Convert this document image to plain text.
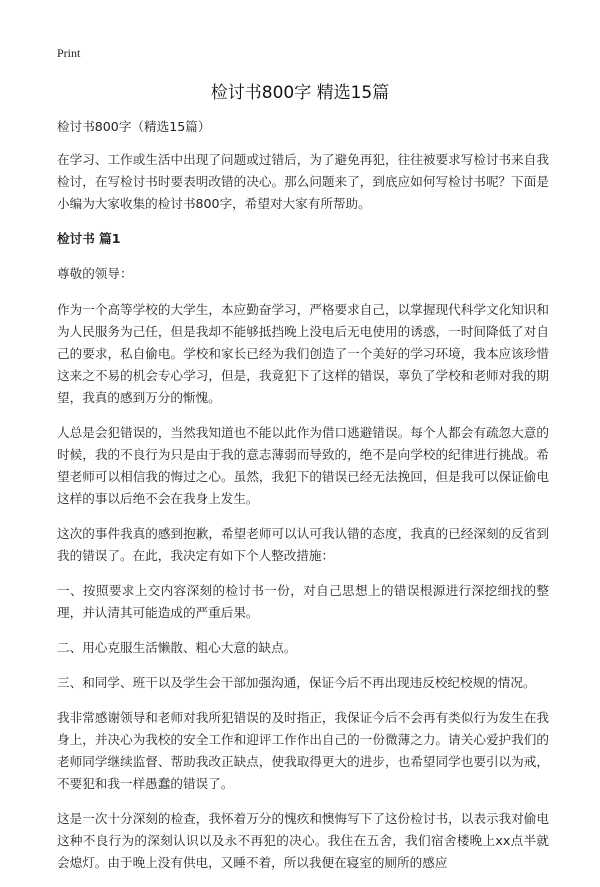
Print
检讨书800字 精选15篇

检讨书800字（精选15篇）

在学习、工作或生活中出现了问题或过错后，为了避免再犯，往往被要求写检讨书来自我检讨，在写检讨书时要表明改错的决心。那么问题来了，到底应如何写检讨书呢？下面是小编为大家收集的检讨书800字，希望对大家有所帮助。

检讨书 篇1

尊敬的领导：

作为一个高等学校的大学生，本应勤奋学习，严格要求自己，以掌握现代科学文化知识和为人民服务为己任，但是我却不能够抵挡晚上没电后无电使用的诱惑，一时间降低了对自己的要求，私自偷电。学校和家长已经为我们创造了一个美好的学习环境，我本应该珍惜这来之不易的机会专心学习，但是，我竟犯下了这样的错误，辜负了学校和老师对我的期望，我真的感到万分的惭愧。

人总是会犯错误的，当然我知道也不能以此作为借口逃避错误。每个人都会有疏忽大意的时候，我的不良行为只是由于我的意志薄弱而导致的，绝不是向学校的纪律进行挑战。希望老师可以相信我的悔过之心。虽然，我犯下的错误已经无法挽回，但是我可以保证偷电这样的事以后绝不会在我身上发生。

这次的事件我真的感到抱歉，希望老师可以认可我认错的态度，我真的已经深刻的反省到我的错误了。在此，我决定有如下个人整改措施：

一、按照要求上交内容深刻的检讨书一份，对自己思想上的错误根源进行深挖细找的整理，并认清其可能造成的严重后果。

二、用心克服生活懒散、粗心大意的缺点。

三、和同学、班干以及学生会干部加强沟通，保证今后不再出现违反校纪校规的情况。

我非常感谢领导和老师对我所犯错误的及时指正，我保证今后不会再有类似行为发生在我身上，并决心为我校的安全工作和迎评工作作出自己的一份微薄之力。请关心爱护我们的老师同学继续监督、帮助我改正缺点，使我取得更大的进步，也希望同学也要引以为戒，不要犯和我一样愚蠢的错误了。

这是一次十分深刻的检查，我怀着万分的愧疚和懊悔写下了这份检讨书，以表示我对偷电这种不良行为的深刻认识以及永不再犯的决心。我住在五舍，我们宿舍楼晚上xx点半就会熄灯。由于晚上没有供电，又睡不着，所以我便在寝室的厕所的感应
